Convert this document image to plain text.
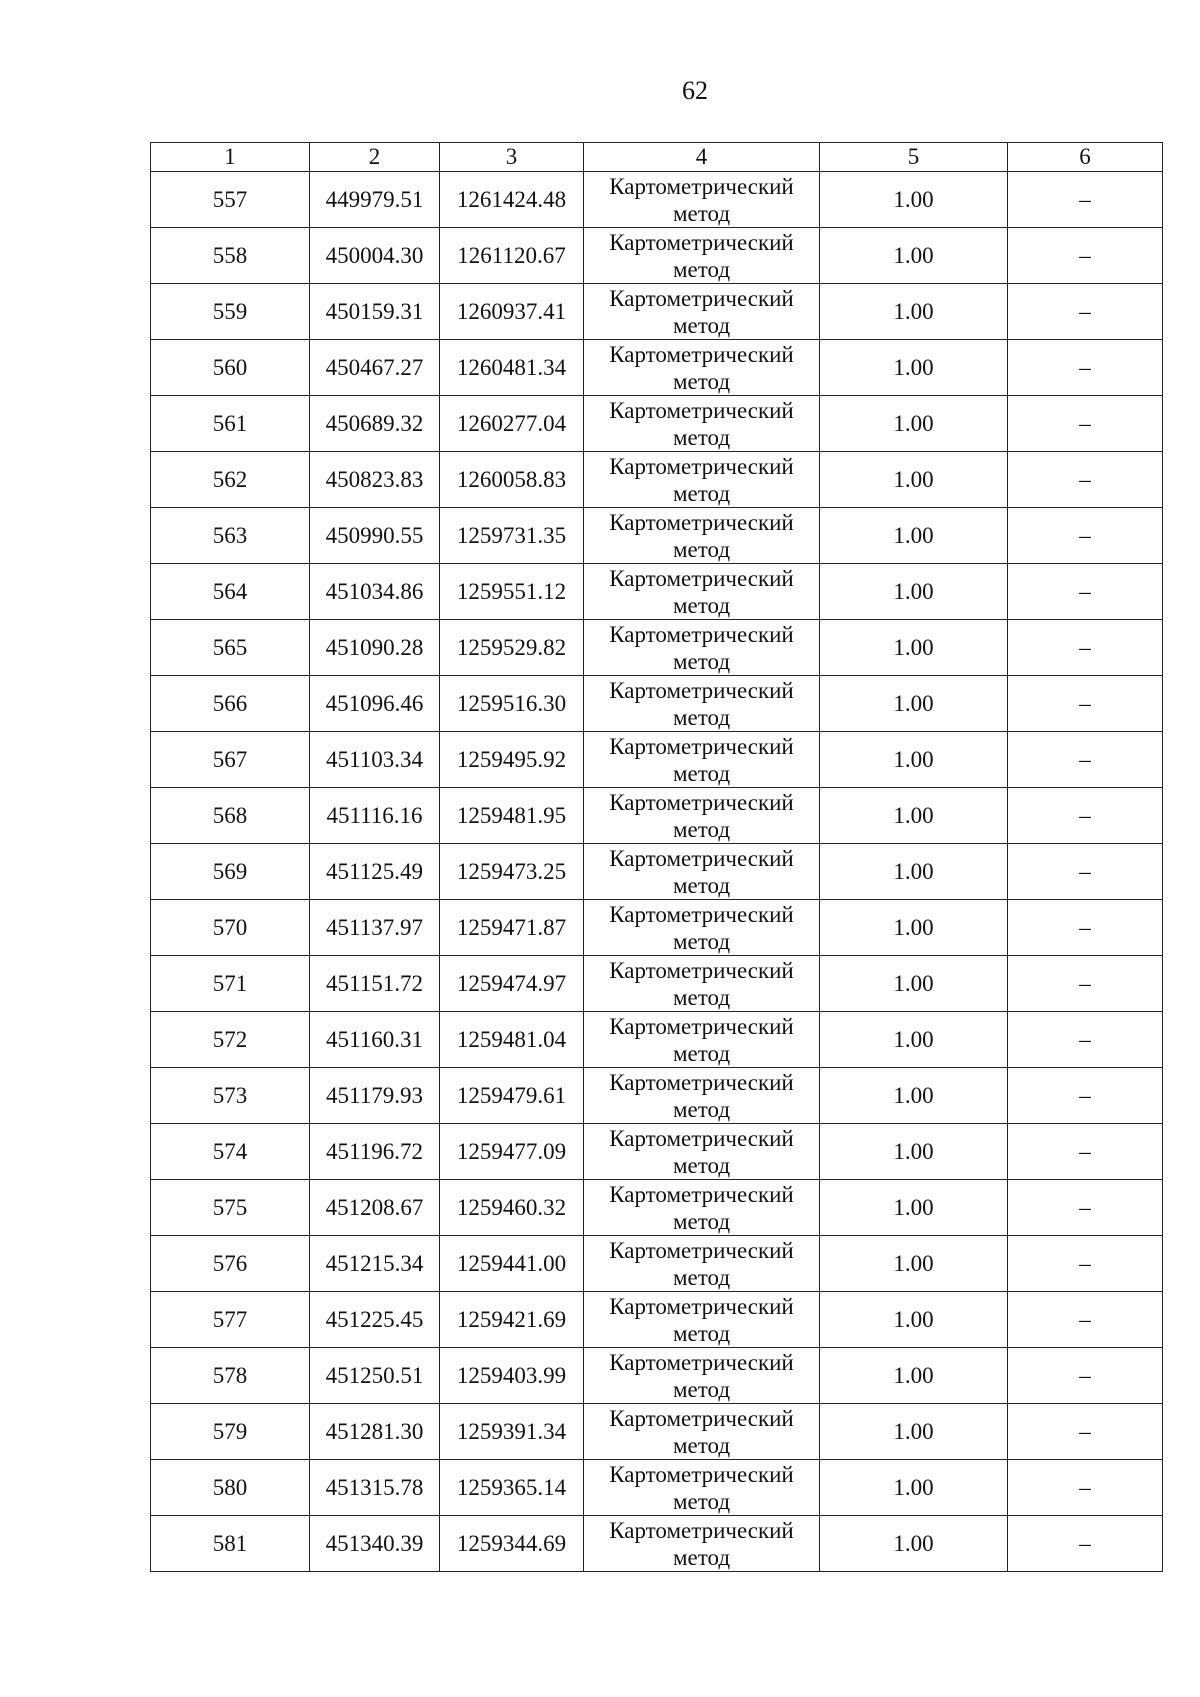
62
1	2	3	4	5	6
557	449979.51	1261424.48	Картометрический
метод	1.00	–
558	450004.30	1261120.67	Картометрический
метод	1.00	–
559	450159.31	1260937.41	Картометрический
метод	1.00	–
560	450467.27	1260481.34	Картометрический
метод	1.00	–
561	450689.32	1260277.04	Картометрический
метод	1.00	–
562	450823.83	1260058.83	Картометрический
метод	1.00	–
563	450990.55	1259731.35	Картометрический
метод	1.00	–
564	451034.86	1259551.12	Картометрический
метод	1.00	–
565	451090.28	1259529.82	Картометрический
метод	1.00	–
566	451096.46	1259516.30	Картометрический
метод	1.00	–
567	451103.34	1259495.92	Картометрический
метод	1.00	–
568	451116.16	1259481.95	Картометрический
метод	1.00	–
569	451125.49	1259473.25	Картометрический
метод	1.00	–
570	451137.97	1259471.87	Картометрический
метод	1.00	–
571	451151.72	1259474.97	Картометрический
метод	1.00	–
572	451160.31	1259481.04	Картометрический
метод	1.00	–
573	451179.93	1259479.61	Картометрический
метод	1.00	–
574	451196.72	1259477.09	Картометрический
метод	1.00	–
575	451208.67	1259460.32	Картометрический
метод	1.00	–
576	451215.34	1259441.00	Картометрический
метод	1.00	–
577	451225.45	1259421.69	Картометрический
метод	1.00	–
578	451250.51	1259403.99	Картометрический
метод	1.00	–
579	451281.30	1259391.34	Картометрический
метод	1.00	–
580	451315.78	1259365.14	Картометрический
метод	1.00	–
581	451340.39	1259344.69	Картометрический
метод	1.00	–
